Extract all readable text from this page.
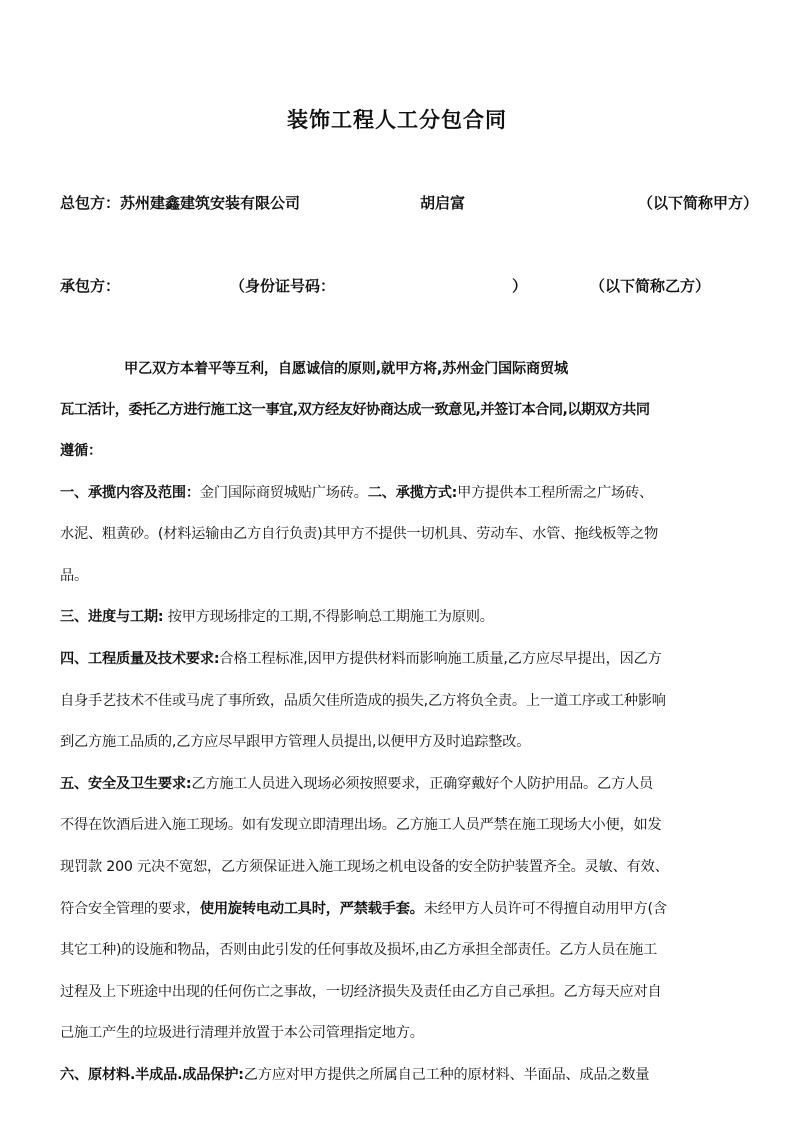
装饰工程人工分包合同
总包方：苏州建鑫建筑安装有限公司	胡启富	（以下简称甲方）
承包方：	（身份证号码：	）	（以下简称乙方）
甲乙双方本着平等互利，自愿诚信的原则,就甲方将,苏州金门国际商贸城
瓦工活计，委托乙方进行施工这一事宜,双方经友好协商达成一致意见,并签订本合同,以期双方共同
遵循：
一、承揽内容及范围：金门国际商贸城贴广场砖。二、承揽方式:甲方提供本工程所需之广场砖、
水泥、粗黄砂。(材料运输由乙方自行负责)其甲方不提供一切机具、劳动车、水管、拖线板等之物
品。
三、进度与工期: 按甲方现场排定的工期,不得影响总工期施工为原则。
四、工程质量及技术要求:合格工程标准,因甲方提供材料而影响施工质量,乙方应尽早提出，因乙方
自身手艺技术不佳或马虎了事所致，品质欠佳所造成的损失,乙方将负全责。上一道工序或工种影响
到乙方施工品质的,乙方应尽早跟甲方管理人员提出,以便甲方及时追踪整改。
五、安全及卫生要求:乙方施工人员进入现场必须按照要求，正确穿戴好个人防护用品。乙方人员
不得在饮酒后进入施工现场。如有发现立即清理出场。乙方施工人员严禁在施工现场大小便，如发
现罚款 200 元决不宽恕，乙方须保证进入施工现场之机电设备的安全防护装置齐全。灵敏、有效、
符合安全管理的要求，使用旋转电动工具时，严禁载手套。未经甲方人员许可不得擅自动用甲方(含
其它工种)的设施和物品，否则由此引发的任何事故及损坏,由乙方承担全部责任。乙方人员在施工
过程及上下班途中出现的任何伤亡之事故，一切经济损失及责任由乙方自己承担。乙方每天应对自
己施工产生的垃圾进行清理并放置于本公司管理指定地方。
六、原材料.半成品.成品保护:乙方应对甲方提供之所属自己工种的原材料、半面品、成品之数量
